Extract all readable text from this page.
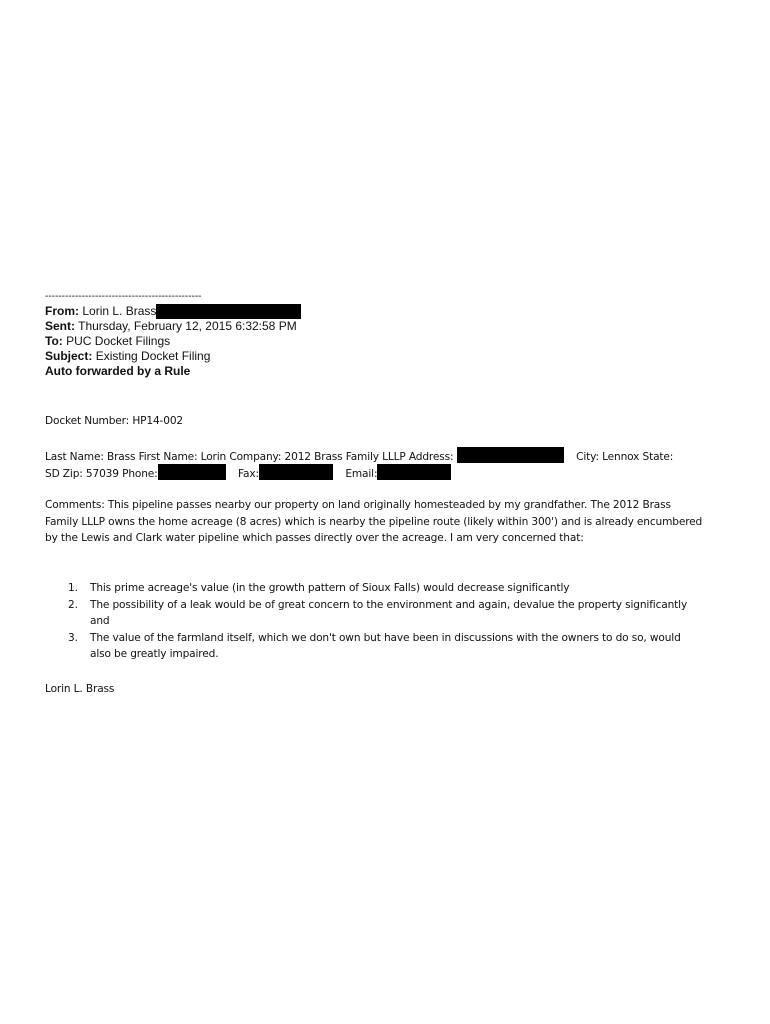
-----------------------------------------------
From: Lorin L. Brass
Sent: Thursday, February 12, 2015 6:32:58 PM
To: PUC Docket Filings
Subject: Existing Docket Filing
Auto forwarded by a Rule
Docket Number: HP14-002
Last Name: Brass First Name: Lorin Company: 2012 Brass Family LLLP Address:	City: Lennox State:
SD Zip: 57039 Phone:	Fax:	Email:
Comments: This pipeline passes nearby our property on land originally homesteaded by my grandfather. The 2012 Brass
Family LLLP owns the home acreage (8 acres) which is nearby the pipeline route (likely within 300') and is already encumbered
by the Lewis and Clark water pipeline which passes directly over the acreage. I am very concerned that:
1. This prime acreage's value (in the growth pattern of Sioux Falls) would decrease significantly
2. The possibility of a leak would be of great concern to the environment and again, devalue the property significantly
and
3. The value of the farmland itself, which we don't own but have been in discussions with the owners to do so, would
also be greatly impaired.
Lorin L. Brass
